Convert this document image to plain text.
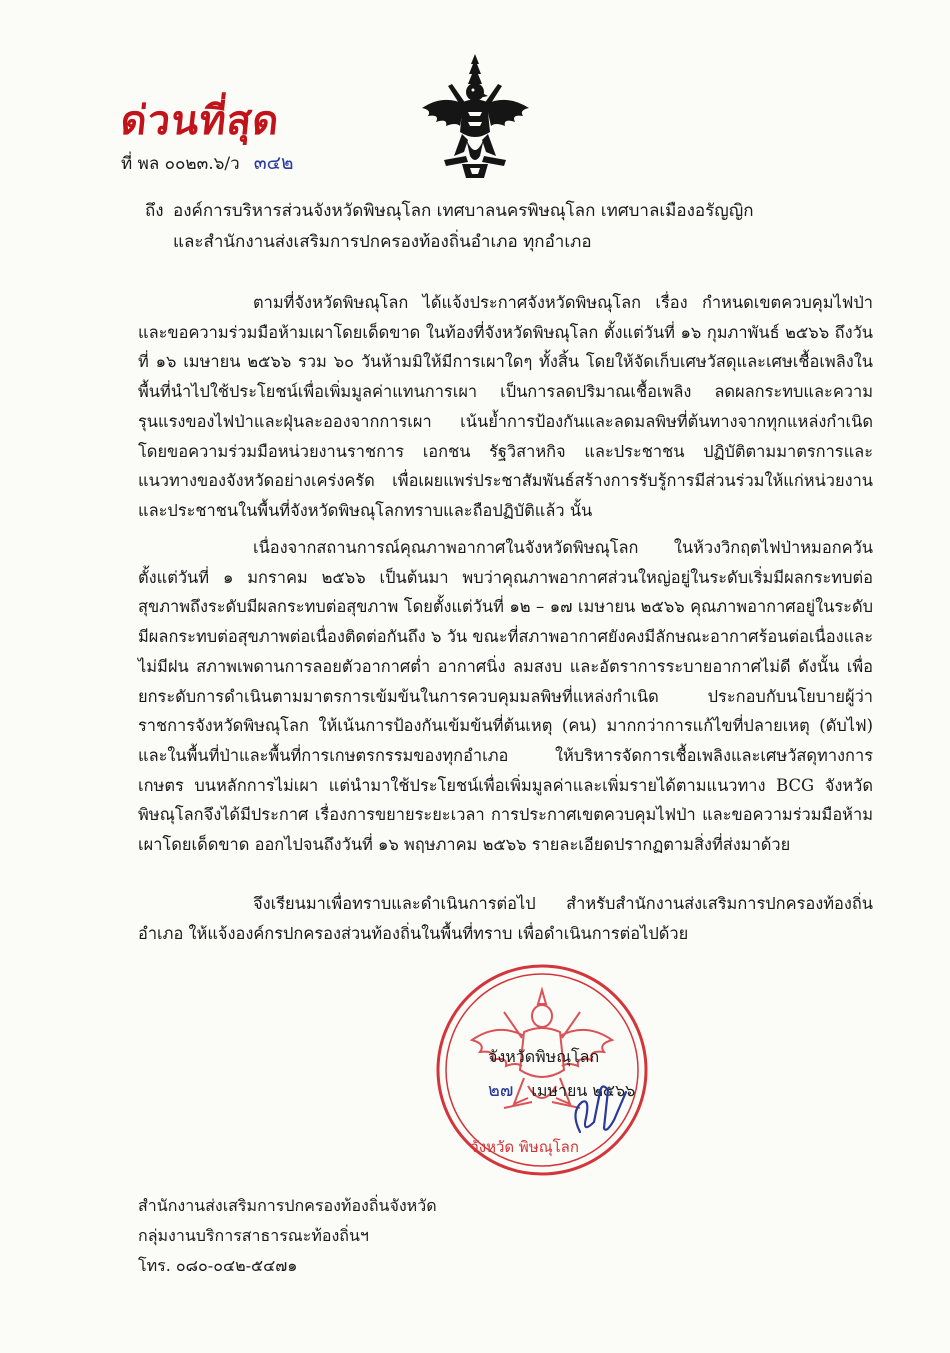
ด่วนที่สุด
ที่ พล ๐๐๒๓.๖/ว ๓๔๒
ถึง องค์การบริหารส่วนจังหวัดพิษณุโลก เทศบาลนครพิษณุโลก เทศบาลเมืองอรัญญิก
และสำนักงานส่งเสริมการปกครองท้องถิ่นอำเภอ ทุกอำเภอ
ตามที่จังหวัดพิษณุโลก ได้แจ้งประกาศจังหวัดพิษณุโลก เรื่อง กำหนดเขตควบคุมไฟป่า และขอความร่วมมือห้ามเผาโดยเด็ดขาด ในท้องที่จังหวัดพิษณุโลก ตั้งแต่วันที่ ๑๖ กุมภาพันธ์ ๒๕๖๖ ถึงวันที่ ๑๖ เมษายน ๒๕๖๖ รวม ๖๐ วันห้ามมิให้มีการเผาใดๆ ทั้งสิ้น โดยให้จัดเก็บเศษวัสดุและเศษเชื้อเพลิงในพื้นที่นำไปใช้ประโยชน์เพื่อเพิ่มมูลค่าแทนการเผา เป็นการลดปริมาณเชื้อเพลิง ลดผลกระทบและความรุนแรงของไฟป่าและฝุ่นละอองจากการเผา เน้นย้ำการป้องกันและลดมลพิษที่ต้นทางจากทุกแหล่งกำเนิด โดยขอความร่วมมือหน่วยงานราชการ เอกชน รัฐวิสาหกิจ และประชาชน ปฏิบัติตามมาตรการและแนวทางของจังหวัดอย่างเคร่งครัด เพื่อเผยแพร่ประชาสัมพันธ์สร้างการรับรู้การมีส่วนร่วมให้แก่หน่วยงานและประชาชนในพื้นที่จังหวัดพิษณุโลกทราบและถือปฏิบัติแล้ว นั้น
เนื่องจากสถานการณ์คุณภาพอากาศในจังหวัดพิษณุโลก ในห้วงวิกฤตไฟป่าหมอกควันตั้งแต่วันที่ ๑ มกราคม ๒๕๖๖ เป็นต้นมา พบว่าคุณภาพอากาศส่วนใหญ่อยู่ในระดับเริ่มมีผลกระทบต่อสุขภาพถึงระดับมีผลกระทบต่อสุขภาพ โดยตั้งแต่วันที่ ๑๒ – ๑๗ เมษายน ๒๕๖๖ คุณภาพอากาศอยู่ในระดับมีผลกระทบต่อสุขภาพต่อเนื่องติดต่อกันถึง ๖ วัน ขณะที่สภาพอากาศยังคงมีลักษณะอากาศร้อนต่อเนื่องและไม่มีฝน สภาพเพดานการลอยตัวอากาศต่ำ อากาศนิ่ง ลมสงบ และอัตราการระบายอากาศไม่ดี ดังนั้น เพื่อยกระดับการดำเนินตามมาตรการเข้มข้นในการควบคุมมลพิษที่แหล่งกำเนิด ประกอบกับนโยบายผู้ว่าราชการจังหวัดพิษณุโลก ให้เน้นการป้องกันเข้มข้นที่ต้นเหตุ (คน) มากกว่าการแก้ไขที่ปลายเหตุ (ดับไฟ) และในพื้นที่ป่าและพื้นที่การเกษตรกรรมของทุกอำเภอ ให้บริหารจัดการเชื้อเพลิงและเศษวัสดุทางการเกษตร บนหลักการไม่เผา แต่นำมาใช้ประโยชน์เพื่อเพิ่มมูลค่าและเพิ่มรายได้ตามแนวทาง BCG จังหวัดพิษณุโลกจึงได้มีประกาศ เรื่องการขยายระยะเวลา การประกาศเขตควบคุมไฟป่า และขอความร่วมมือห้ามเผาโดยเด็ดขาด ออกไปจนถึงวันที่ ๑๖ พฤษภาคม ๒๕๖๖ รายละเอียดปรากฏตามสิ่งที่ส่งมาด้วย
จึงเรียนมาเพื่อทราบและดำเนินการต่อไป สำหรับสำนักงานส่งเสริมการปกครองท้องถิ่นอำเภอ ให้แจ้งองค์กรปกครองส่วนท้องถิ่นในพื้นที่ทราบ เพื่อดำเนินการต่อไปด้วย
จังหวัด พิษณุโลก
จังหวัดพิษณุโลก
๒๗ เมษายน ๒๕๖๖
สำนักงานส่งเสริมการปกครองท้องถิ่นจังหวัด
กลุ่มงานบริการสาธารณะท้องถิ่นฯ
โทร. ๐๘๐-๐๔๒-๕๔๗๑
